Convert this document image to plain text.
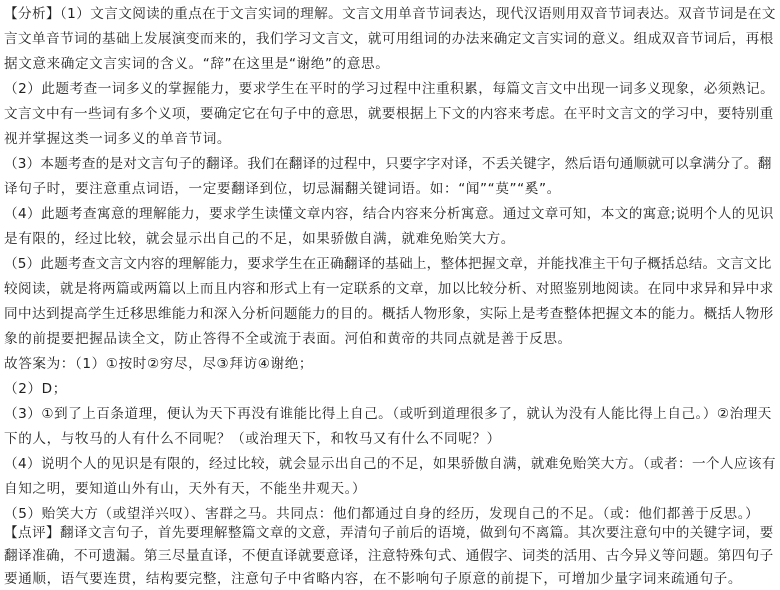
【分析】（1）文言文阅读的重点在于文言实词的理解。文言文用单音节词表达，现代汉语则用双音节词表达。双音节词是在文
言文单音节词的基础上发展演变而来的，我们学习文言文，就可用组词的办法来确定文言实词的意义。组成双音节词后，再根
据文意来确定文言实词的含义。“辞”在这里是“谢绝”的意思。
（2）此题考查一词多义的掌握能力，要求学生在平时的学习过程中注重积累，每篇文言文中出现一词多义现象，必须熟记。
文言文中有一些词有多个义项，要确定它在句子中的意思，就要根据上下文的内容来考虑。在平时文言文的学习中，要特别重
视并掌握这类一词多义的单音节词。
（3）本题考查的是对文言句子的翻译。我们在翻译的过程中，只要字字对译，不丢关键字，然后语句通顺就可以拿满分了。翻
译句子时，要注意重点词语，一定要翻译到位，切忌漏翻关键词语。如：“闻”“莫”“奚”。
（4）此题考查寓意的理解能力，要求学生读懂文章内容，结合内容来分析寓意。通过文章可知，本文的寓意;说明个人的见识
是有限的，经过比较，就会显示出自己的不足，如果骄傲自满，就难免贻笑大方。
（5）此题考查文言文内容的理解能力，要求学生在正确翻译的基础上，整体把握文章，并能找准主干句子概括总结。文言文比
较阅读，就是将两篇或两篇以上而且内容和形式上有一定联系的文章，加以比较分析、对照鉴别地阅读。在同中求异和异中求
同中达到提高学生迁移思维能力和深入分析问题能力的目的。概括人物形象，实际上是考查整体把握文本的能力。概括人物形
象的前提要把握品读全文，防止答得不全或流于表面。河伯和黄帝的共同点就是善于反思。
故答案为：（1）①按时②穷尽，尽③拜访④谢绝；
（2）D；
（3）①到了上百条道理，便认为天下再没有谁能比得上自己。（或听到道理很多了，就认为没有人能比得上自己。）②治理天
下的人，与牧马的人有什么不同呢？（或治理天下，和牧马又有什么不同呢？）
（4）说明个人的见识是有限的，经过比较，就会显示出自己的不足，如果骄傲自满，就难免贻笑大方。（或者：一个人应该有
自知之明，要知道山外有山，天外有天，不能坐井观天。）
（5）贻笑大方（或望洋兴叹）、害群之马。共同点：他们都通过自身的经历，发现自己的不足。（或：他们都善于反思。）
【点评】翻译文言句子，首先要理解整篇文章的文意，弄清句子前后的语境，做到句不离篇。其次要注意句中的关键字词，要
翻译准确，不可遗漏。第三尽量直译，不便直译就要意译，注意特殊句式、通假字、词类的活用、古今异义等问题。第四句子
要通顺，语气要连贯，结构要完整，注意句子中省略内容，在不影响句子原意的前提下，可增加少量字词来疏通句子。
